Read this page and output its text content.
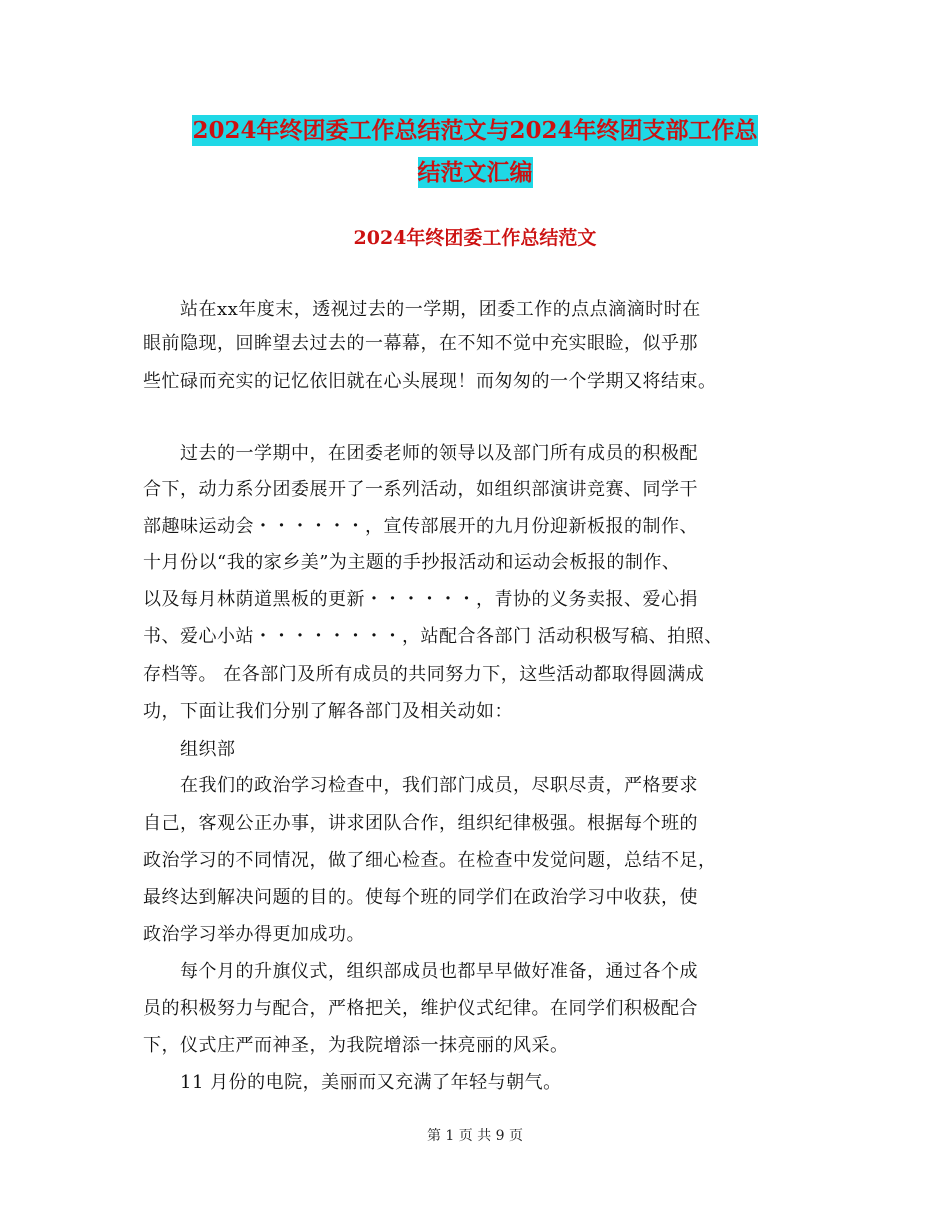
2024年终团委工作总结范文与2024年终团支部工作总

结范文汇编

2024年终团委工作总结范文

　　站在xx年度末，透视过去的一学期，团委工作的点点滴滴时时在

眼前隐现，回眸望去过去的一幕幕，在不知不觉中充实眼睑，似乎那

些忙碌而充实的记忆依旧就在心头展现！而匆匆的一个学期又将结束。

　　过去的一学期中，在团委老师的领导以及部门所有成员的积极配

合下，动力系分团委展开了一系列活动，如组织部演讲竞赛、同学干

部趣味运动会・・・・・・，宣传部展开的九月份迎新板报的制作、

十月份以“我的家乡美”为主题的手抄报活动和运动会板报的制作、

以及每月林荫道黑板的更新・・・・・・，青协的义务卖报、爱心捐

书、爱心小站・・・・・・・・，站配合各部门 活动积极写稿、拍照、

存档等。 在各部门及所有成员的共同努力下，这些活动都取得圆满成

功，下面让我们分别了解各部门及相关动如：

　　组织部

　　在我们的政治学习检查中，我们部门成员，尽职尽责，严格要求

自己，客观公正办事，讲求团队合作，组织纪律极强。根据每个班的

政治学习的不同情况，做了细心检查。在检查中发觉问题，总结不足，

最终达到解决问题的目的。使每个班的同学们在政治学习中收获，使

政治学习举办得更加成功。

　　每个月的升旗仪式，组织部成员也都早早做好准备，通过各个成

员的积极努力与配合，严格把关，维护仪式纪律。在同学们积极配合

下，仪式庄严而神圣，为我院增添一抹亮丽的风采。

　　11 月份的电院，美丽而又充满了年轻与朝气。

第 1 页 共 9 页
